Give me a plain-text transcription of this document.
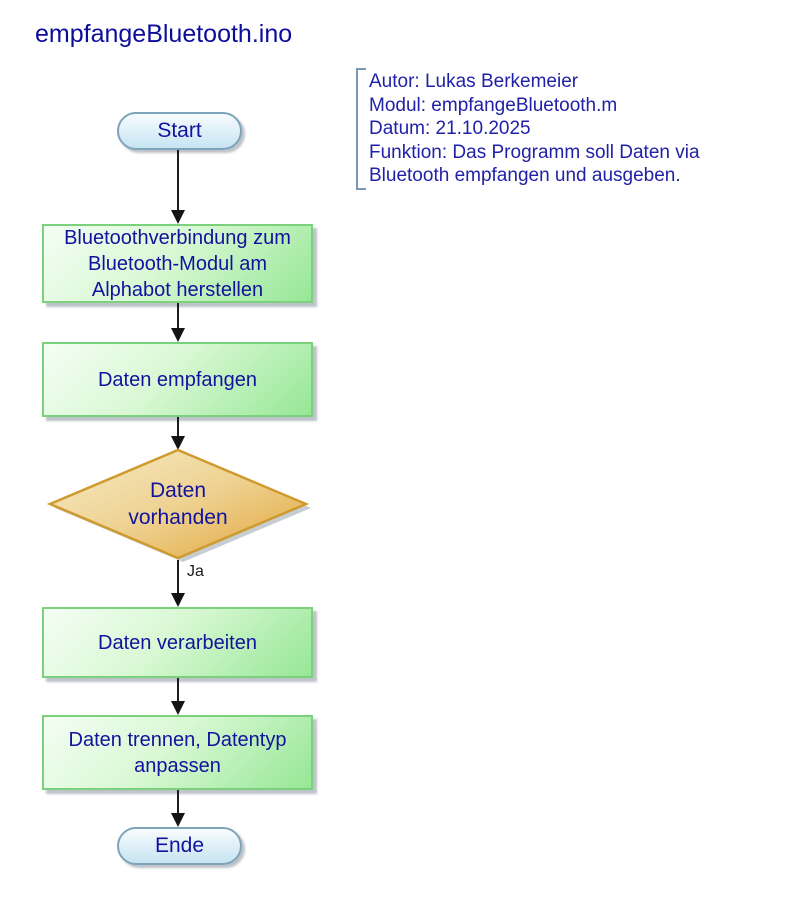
empfangeBluetooth.ino
Autor: Lukas Berkemeier
Modul: empfangeBluetooth.m
Datum: 21.10.2025
Funktion: Das Programm soll Daten via
Bluetooth empfangen und ausgeben.
Start
Bluetoothverbindung zum Bluetooth-Modul am Alphabot herstellen
Daten empfangen
Daten vorhanden
Ja
Daten verarbeiten
Daten trennen, Datentyp anpassen
Ende
